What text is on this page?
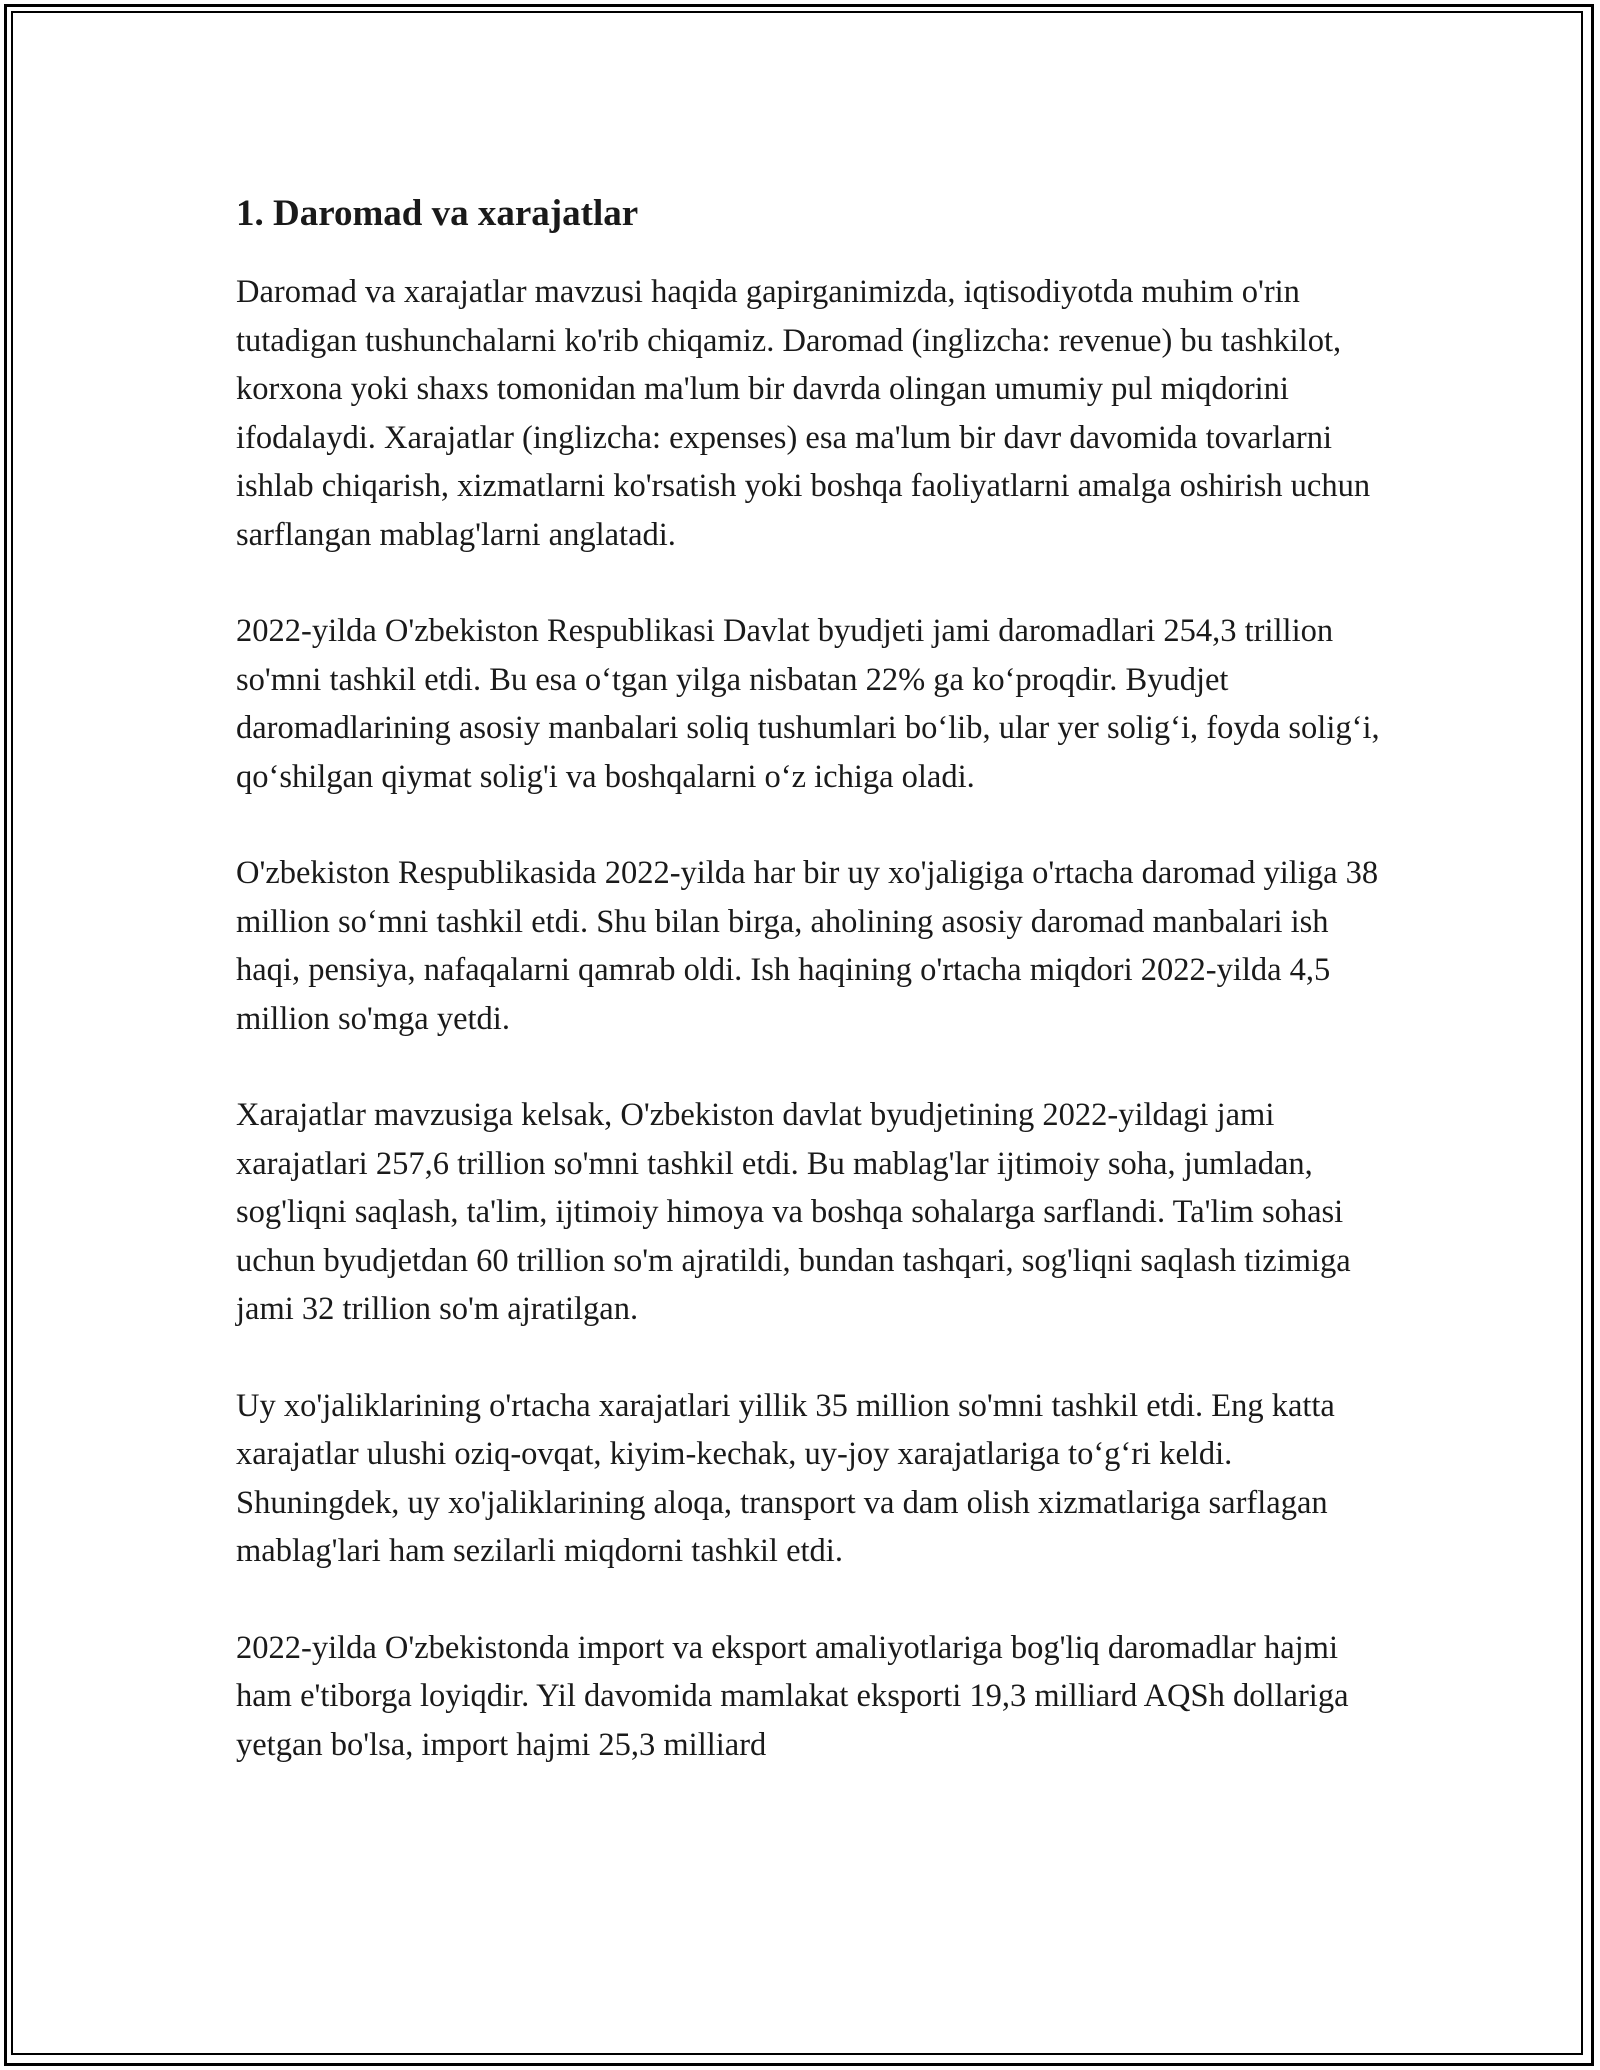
1. Daromad va xarajatlar

Daromad va xarajatlar mavzusi haqida gapirganimizda, iqtisodiyotda muhim o'rin tutadigan tushunchalarni ko'rib chiqamiz. Daromad (inglizcha: revenue) bu tashkilot, korxona yoki shaxs tomonidan ma'lum bir davrda olingan umumiy pul miqdorini ifodalaydi. Xarajatlar (inglizcha: expenses) esa ma'lum bir davr davomida tovarlarni ishlab chiqarish, xizmatlarni ko'rsatish yoki boshqa faoliyatlarni amalga oshirish uchun sarflangan mablag'larni anglatadi.

2022-yilda O'zbekiston Respublikasi Davlat byudjeti jami daromadlari 254,3 trillion so'mni tashkil etdi. Bu esa o‘tgan yilga nisbatan 22% ga ko‘proqdir. Byudjet daromadlarining asosiy manbalari soliq tushumlari bo‘lib, ular yer solig‘i, foyda solig‘i, qo‘shilgan qiymat solig'i va boshqalarni o‘z ichiga oladi.

O'zbekiston Respublikasida 2022-yilda har bir uy xo'jaligiga o'rtacha daromad yiliga 38 million so‘mni tashkil etdi. Shu bilan birga, aholining asosiy daromad manbalari ish haqi, pensiya, nafaqalarni qamrab oldi. Ish haqining o'rtacha miqdori 2022-yilda 4,5 million so'mga yetdi.

Xarajatlar mavzusiga kelsak, O'zbekiston davlat byudjetining 2022-yildagi jami xarajatlari 257,6 trillion so'mni tashkil etdi. Bu mablag'lar ijtimoiy soha, jumladan, sog'liqni saqlash, ta'lim, ijtimoiy himoya va boshqa sohalarga sarflandi. Ta'lim sohasi uchun byudjetdan 60 trillion so'm ajratildi, bundan tashqari, sog'liqni saqlash tizimiga jami 32 trillion so'm ajratilgan.

Uy xo'jaliklarining o'rtacha xarajatlari yillik 35 million so'mni tashkil etdi. Eng katta xarajatlar ulushi oziq-ovqat, kiyim-kechak, uy-joy xarajatlariga to‘g‘ri keldi. Shuningdek, uy xo'jaliklarining aloqa, transport va dam olish xizmatlariga sarflagan mablag'lari ham sezilarli miqdorni tashkil etdi.

2022-yilda O'zbekistonda import va eksport amaliyotlariga bog'liq daromadlar hajmi ham e'tiborga loyiqdir. Yil davomida mamlakat eksporti 19,3 milliard AQSh dollariga yetgan bo'lsa, import hajmi 25,3 milliard
